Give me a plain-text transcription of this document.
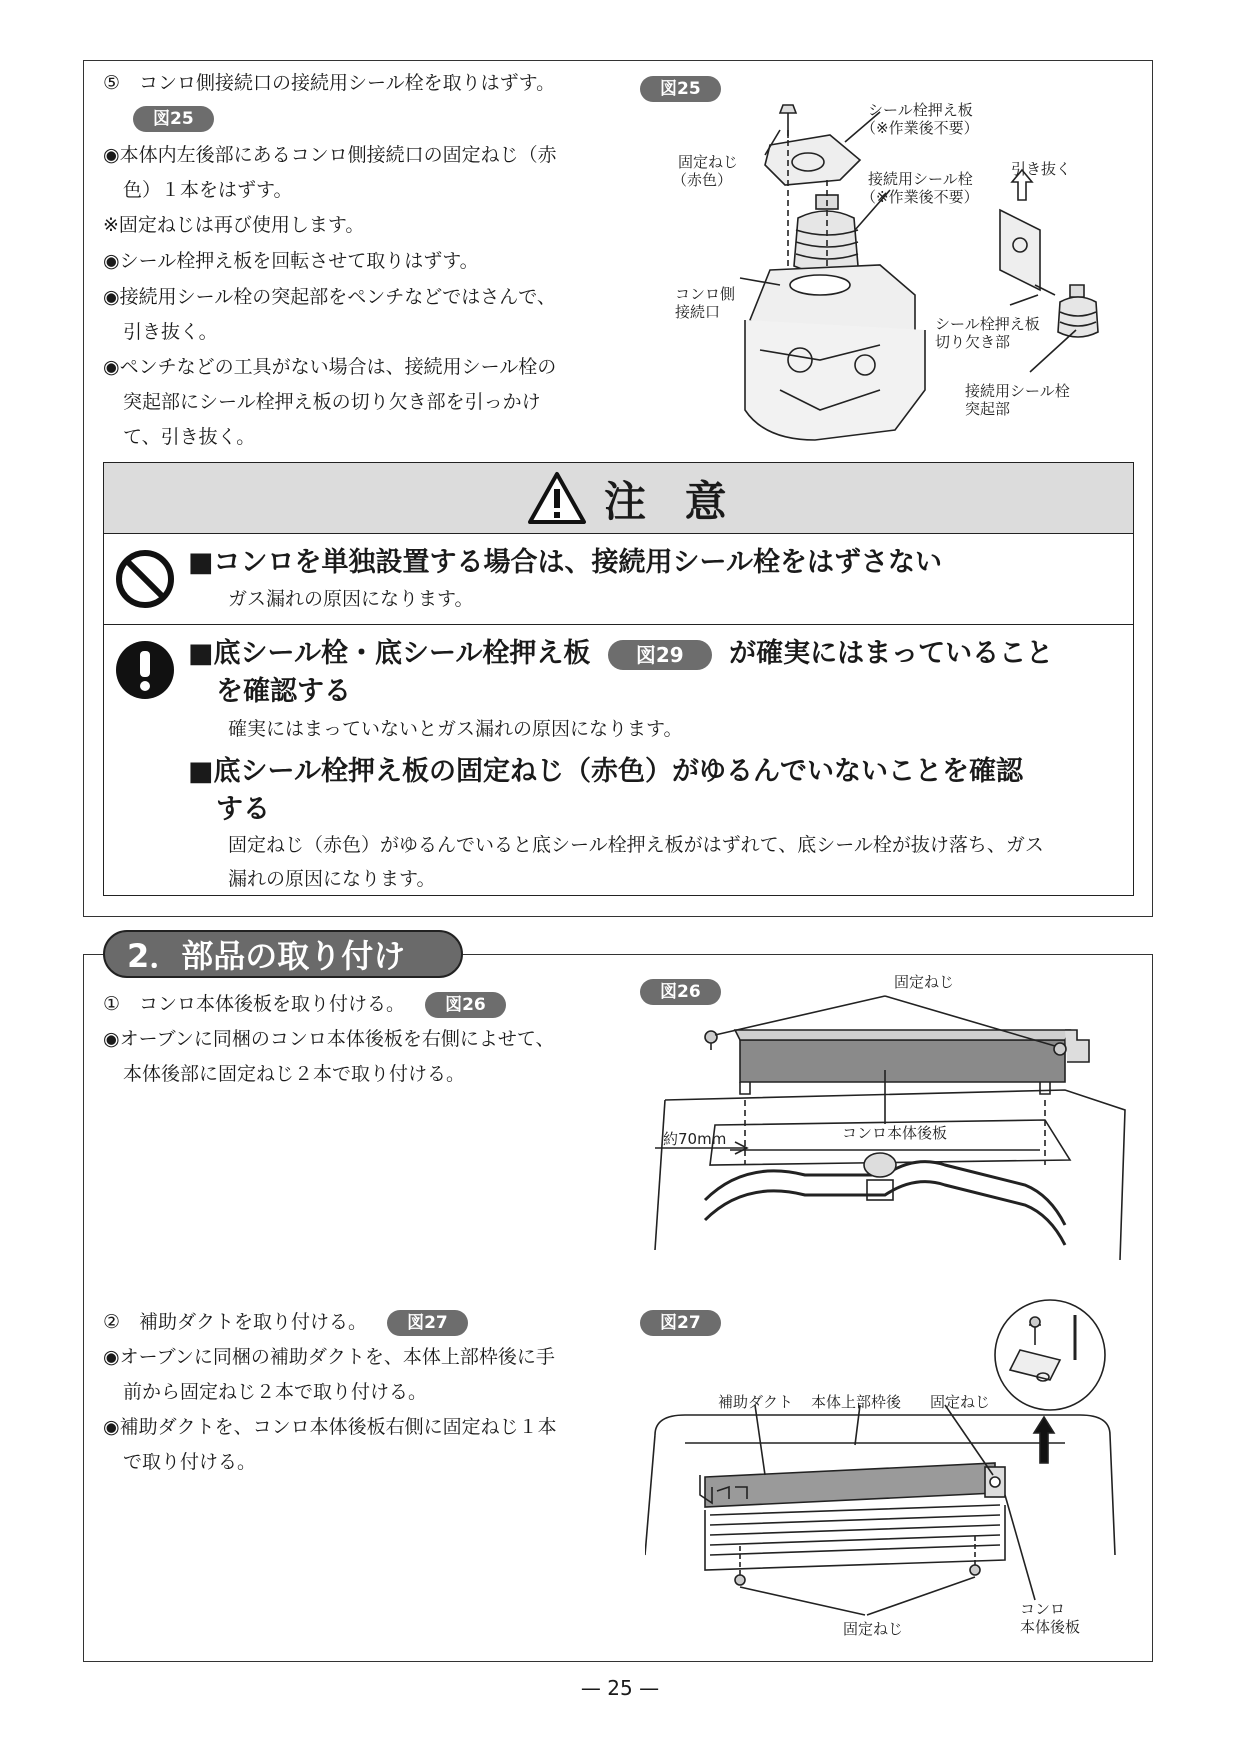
⑤　コンロ側接続口の接続用シール栓を取りはずす。
図25
◉本体内左後部にあるコンロ側接続口の固定ねじ（赤
色）１本をはずす。
※固定ねじは再び使用します。
◉シール栓押え板を回転させて取りはずす。
◉接続用シール栓の突起部をペンチなどではさんで、
引き抜く。
◉ペンチなどの工具がない場合は、接続用シール栓の
突起部にシール栓押え板の切り欠き部を引っかけ
て、引き抜く。
図25
シール栓押え板
（※作業後不要）
固定ねじ
（赤色）	接続用シール栓
（※作業後不要）
引き抜く
コンロ側
接続口
シール栓押え板
切り欠き部
接続用シール栓
突起部
注 意
■コンロを単独設置する場合は、接続用シール栓をはずさない
ガス漏れの原因になります。
■底シール栓・底シール栓押え板 図29 が確実にはまっていること
を確認する
確実にはまっていないとガス漏れの原因になります。
■底シール栓押え板の固定ねじ（赤色）がゆるんでいないことを確認
する
固定ねじ（赤色）がゆるんでいると底シール栓押え板がはずれて、底シール栓が抜け落ち、ガス
漏れの原因になります。
2．部品の取り付け
①　コンロ本体後板を取り付ける。 図26
◉オーブンに同梱のコンロ本体後板を右側によせて、
本体後部に固定ねじ２本で取り付ける。
図26	固定ねじ
約70mm	コンロ本体後板
②　補助ダクトを取り付ける。 図27
◉オーブンに同梱の補助ダクトを、本体上部枠後に手
前から固定ねじ２本で取り付ける。
◉補助ダクトを、コンロ本体後板右側に固定ねじ１本
で取り付ける。
図27
補助ダクト 本体上部枠後 固定ねじ
固定ねじ
コンロ
本体後板
— 25 —
